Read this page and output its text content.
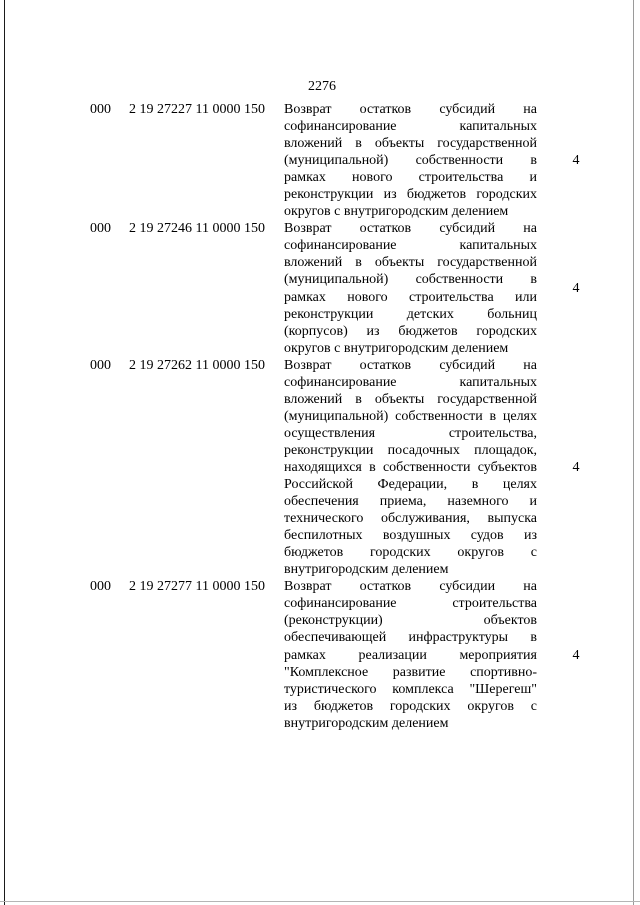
2276
000 2 19 27227 11 0000 150 Возврат остатков субсидий на
софинансирование капитальных
вложений в объекты государственной
(муниципальной) собственности в
рамках нового строительства и
реконструкции из бюджетов городских
округов с внутригородским делением
4
000 2 19 27246 11 0000 150 Возврат остатков субсидий на
софинансирование капитальных
вложений в объекты государственной
(муниципальной) собственности в
рамках нового строительства или
реконструкции детских больниц
(корпусов) из бюджетов городских
округов с внутригородским делением
4
000 2 19 27262 11 0000 150 Возврат остатков субсидий на
софинансирование капитальных
вложений в объекты государственной
(муниципальной) собственности в целях
осуществления строительства,
реконструкции посадочных площадок,
находящихся в собственности субъектов
Российской Федерации, в целях
обеспечения приема, наземного и
технического обслуживания, выпуска
беспилотных воздушных судов из
бюджетов городских округов с
внутригородским делением
4
000 2 19 27277 11 0000 150 Возврат остатков субсидии на
софинансирование строительства
(реконструкции) объектов
обеспечивающей инфраструктуры в
рамках реализации мероприятия
"Комплексное развитие спортивно-
туристического комплекса "Шерегеш"
из бюджетов городских округов с
внутригородским делением
4
